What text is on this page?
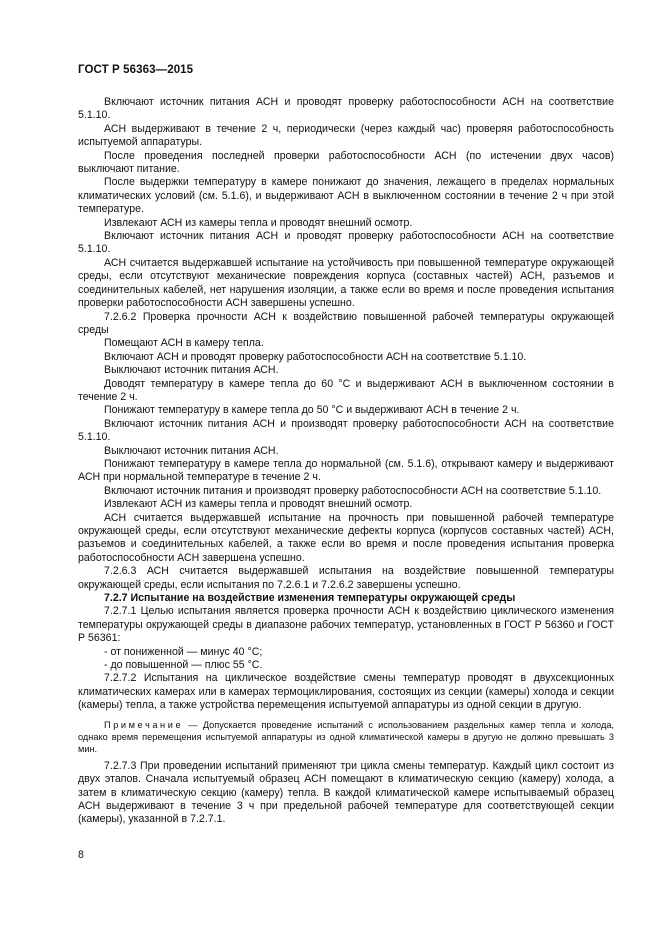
ГОСТ Р 56363—2015

Включают источник питания АСН и проводят проверку работоспособности АСН на соответствие 5.1.10.

АСН выдерживают в течение 2 ч, периодически (через каждый час) проверяя работоспособность испытуемой аппаратуры.

После проведения последней проверки работоспособности АСН (по истечении двух часов) выключают питание.

После выдержки температуру в камере понижают до значения, лежащего в пределах нормальных климатических условий (см. 5.1.6), и выдерживают АСН в выключенном состоянии в течение 2 ч при этой температуре.

Извлекают АСН из камеры тепла и проводят внешний осмотр.

Включают источник питания АСН и проводят проверку работоспособности АСН на соответствие 5.1.10.

АСН считается выдержавшей испытание на устойчивость при повышенной температуре окружающей среды, если отсутствуют механические повреждения корпуса (составных частей) АСН, разъемов и соединительных кабелей, нет нарушения изоляции, а также если во время и после проведения испытания проверки работоспособности АСН завершены успешно.

7.2.6.2 Проверка прочности АСН к воздействию повышенной рабочей температуры окружающей среды

Помещают АСН в камеру тепла.

Включают АСН и проводят проверку работоспособности АСН на соответствие 5.1.10.

Выключают источник питания АСН.

Доводят температуру в камере тепла до 60 °C и выдерживают АСН в выключенном состоянии в течение 2 ч.

Понижают температуру в камере тепла до 50 °C и выдерживают АСН в течение 2 ч.

Включают источник питания АСН и производят проверку работоспособности АСН на соответствие 5.1.10.

Выключают источник питания АСН.

Понижают температуру в камере тепла до нормальной (см. 5.1.6), открывают камеру и выдерживают АСН при нормальной температуре в течение 2 ч.

Включают источник питания и производят проверку работоспособности АСН на соответствие 5.1.10.

Извлекают АСН из камеры тепла и проводят внешний осмотр.

АСН считается выдержавшей испытание на прочность при повышенной рабочей температуре окружающей среды, если отсутствуют механические дефекты корпуса (корпусов составных частей) АСН, разъемов и соединительных кабелей, а также если во время и после проведения испытания проверка работоспособности АСН завершена успешно.

7.2.6.3 АСН считается выдержавшей испытания на воздействие повышенной температуры окружающей среды, если испытания по 7.2.6.1 и 7.2.6.2 завершены успешно.

7.2.7 Испытание на воздействие изменения температуры окружающей среды

7.2.7.1 Целью испытания является проверка прочности АСН к воздействию циклического изменения температуры окружающей среды в диапазоне рабочих температур, установленных в ГОСТ Р 56360 и ГОСТ Р 56361:

- от пониженной — минус 40 °C;

- до повышенной — плюс 55 °C.

7.2.7.2 Испытания на циклическое воздействие смены температур проводят в двухсекционных климатических камерах или в камерах термоциклирования, состоящих из секции (камеры) холода и секции (камеры) тепла, а также устройства перемещения испытуемой аппаратуры из одной секции в другую.

Примечание — Допускается проведение испытаний с использованием раздельных камер тепла и холода, однако время перемещения испытуемой аппаратуры из одной климатической камеры в другую не должно превышать 3 мин.

7.2.7.3 При проведении испытаний применяют три цикла смены температур. Каждый цикл состоит из двух этапов. Сначала испытуемый образец АСН помещают в климатическую секцию (камеру) холода, а затем в климатическую секцию (камеру) тепла. В каждой климатической камере испытываемый образец АСН выдерживают в течение 3 ч при предельной рабочей температуре для соответствующей секции (камеры), указанной в 7.2.7.1.

8
